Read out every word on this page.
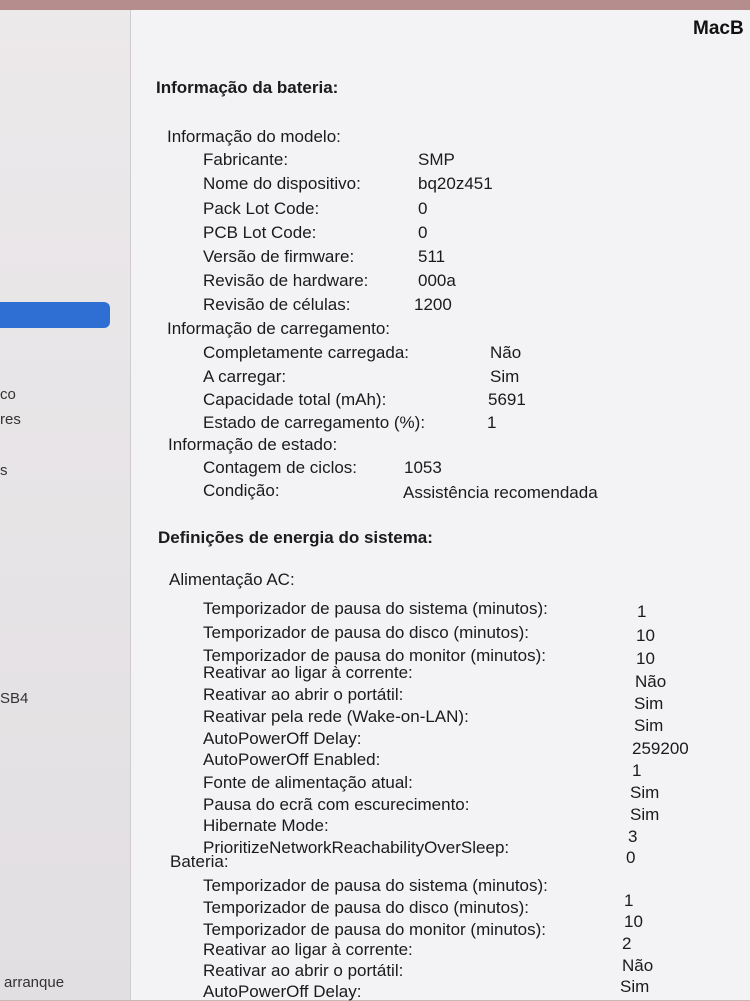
co
res
s
SB4
arranque
MacB
Informação da bateria:
Informação do modelo:
Fabricante:	SMP
Nome do dispositivo:	bq20z451
Pack Lot Code:	0
PCB Lot Code:	0
Versão de firmware:	511
Revisão de hardware:	000a
Revisão de células:	1200
Informação de carregamento:
Completamente carregada:	Não
A carregar:	Sim
Capacidade total (mAh):	5691
Estado de carregamento (%):	1
Informação de estado:
Contagem de ciclos:	1053
Condição:	Assistência recomendada
Definições de energia do sistema:
Alimentação AC:
Temporizador de pausa do sistema (minutos):	1
Temporizador de pausa do disco (minutos):	10
Temporizador de pausa do monitor (minutos):	10
Reativar ao ligar à corrente:	Não
Reativar ao abrir o portátil:	Sim
Reativar pela rede (Wake-on-LAN):	Sim
AutoPowerOff Delay:
259200
AutoPowerOff Enabled:
1
Fonte de alimentação atual:
Sim
Pausa do ecrã com escurecimento:
Sim
Hibernate Mode:
3
PrioritizeNetworkReachabilityOverSleep:
0
Bateria:
Temporizador de pausa do sistema (minutos):
1
Temporizador de pausa do disco (minutos):
10
Temporizador de pausa do monitor (minutos):
2
Reativar ao ligar à corrente:
Não
Reativar ao abrir o portátil:
Sim
AutoPowerOff Delay:
